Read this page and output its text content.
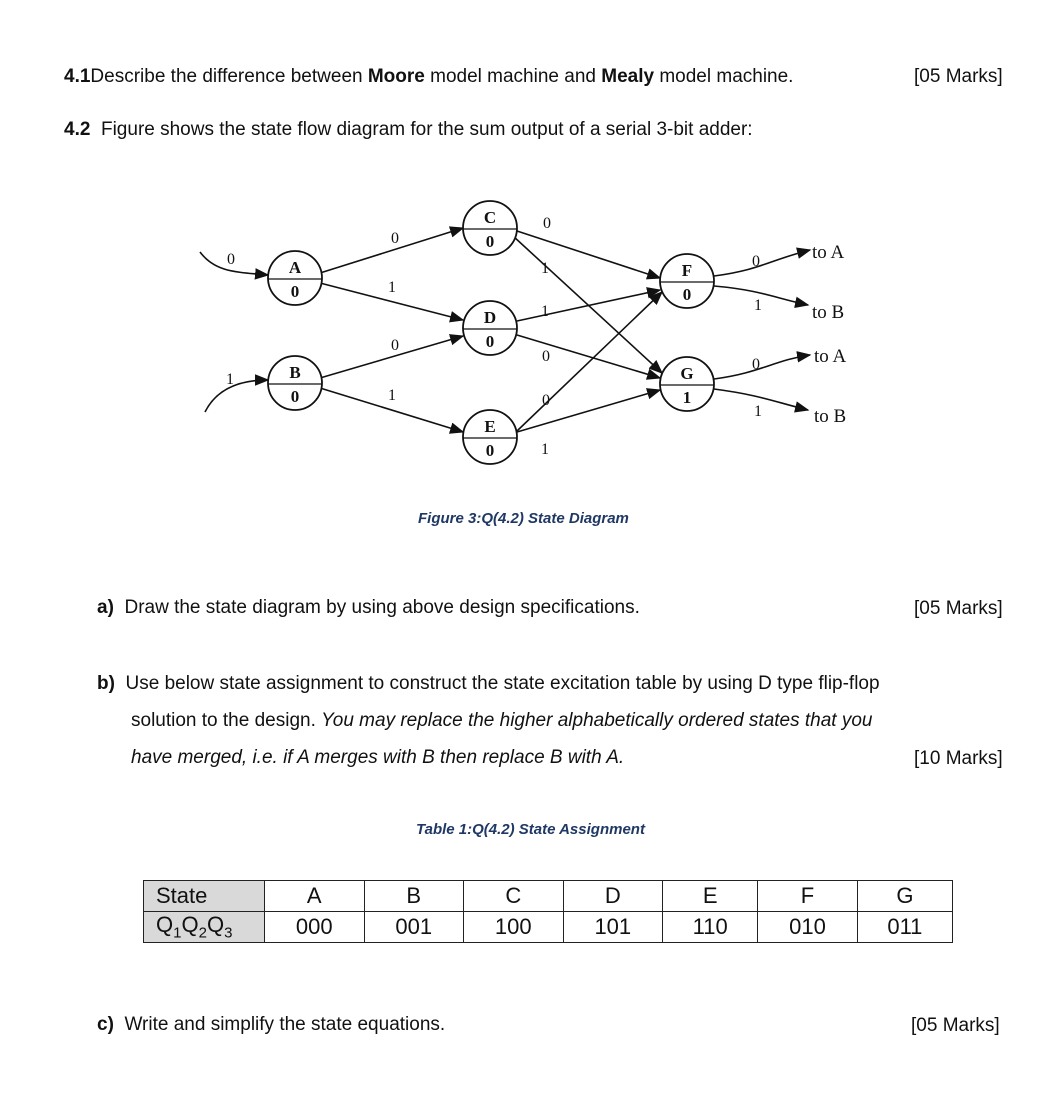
4.1Describe the difference between Moore model machine and Mealy model machine.	[05 Marks]
4.2 Figure shows the state flow diagram for the sum output of a serial 3-bit adder:
A
0
B
0
C
0
D
0
E
0
F
0
G
1
0
1
0
1
0
1
0
1
1
0
0
1
0
1
0
1
to A
to B
to A
to B
Figure 3:Q(4.2) State Diagram
a) Draw the state diagram by using above design specifications.	[05 Marks]
b) Use below state assignment to construct the state excitation table by using D type flip-flop
solution to the design. You may replace the higher alphabetically ordered states that you
have merged, i.e. if A merges with B then replace B with A.	[10 Marks]
Table 1:Q(4.2) State Assignment
State	A	B	C	D	E	F	G
$Q_1Q_2Q_3$	000	001	100	101	110	010	011
c) Write and simplify the state equations.	[05 Marks]
